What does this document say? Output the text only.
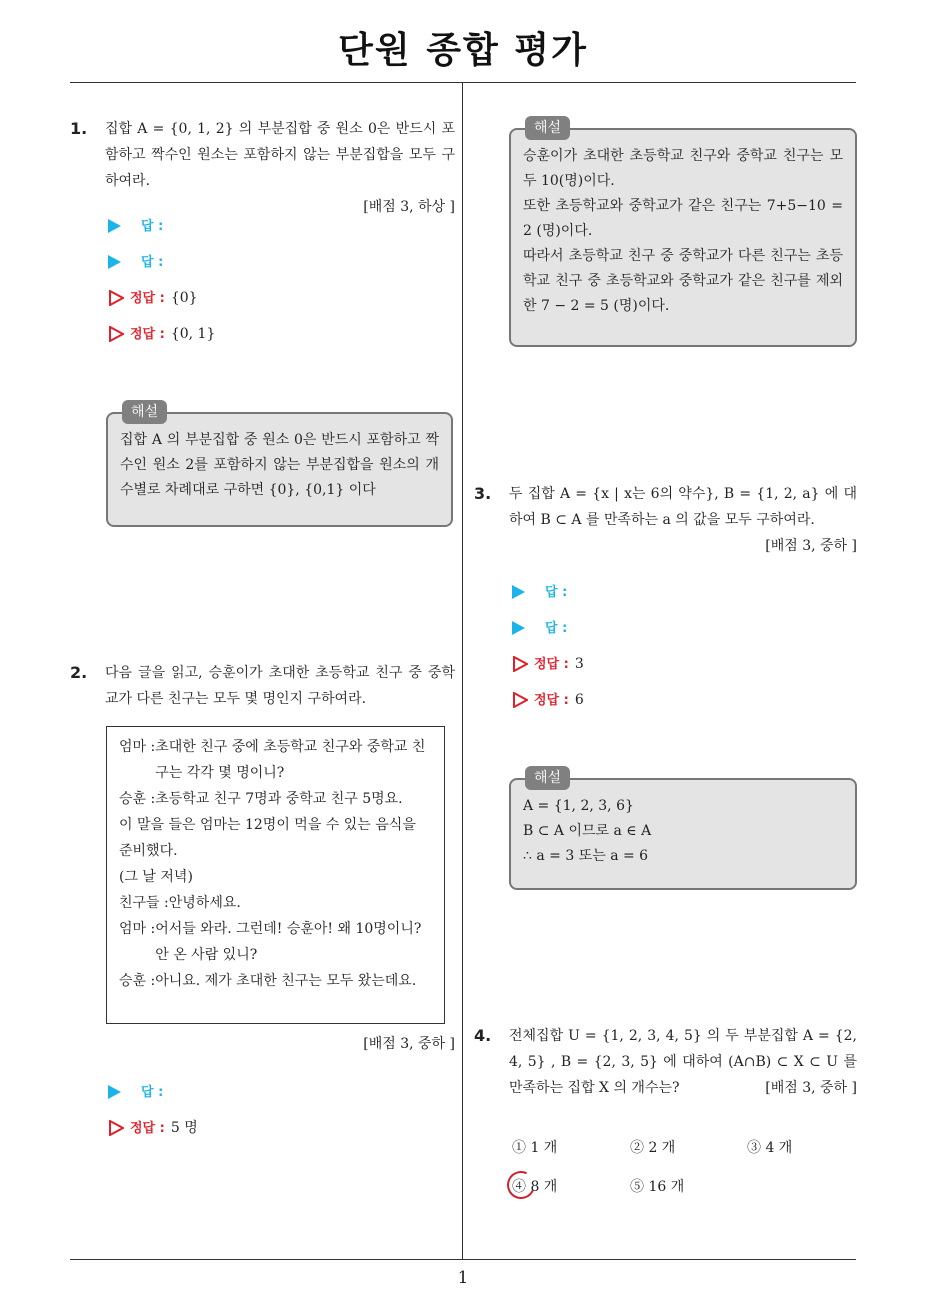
단원 종합 평가
1. 집합 A = {0, 1, 2} 의 부분집합 중 원소 0은 반드시 포함하고 짝수인 원소는 포함하지 않는 부분집합을 모두 구하여라.
[배점 3, 하상 ]
답 :
답 :
정답 : {0}
정답 : {0, 1}
해설
집합 A 의 부분집합 중 원소 0은 반드시 포함하고 짝수인 원소 2를 포함하지 않는 부분집합을 원소의 개수별로 차례대로 구하면 {0}, {0,1} 이다
2. 다음 글을 읽고, 승훈이가 초대한 초등학교 친구 중 중학교가 다른 친구는 모두 몇 명인지 구하여라.
엄마 : 초대한 친구 중에 초등학교 친구와 중학교 친구는 각각 몇 명이니?
승훈 : 초등학교 친구 7명과 중학교 친구 5명요.
이 말을 들은 엄마는 12명이 먹을 수 있는 음식을 준비했다.
(그 날 저녁)
친구들 : 안녕하세요.
엄마 : 어서들 와라. 그런데! 승훈아! 왜 10명이니? 안 온 사람 있니?
승훈 : 아니요. 제가 초대한 친구는 모두 왔는데요.
[배점 3, 중하 ]
답 :
정답 : 5 명
해설
승훈이가 초대한 초등학교 친구와 중학교 친구는 모두 10(명)이다.
또한 초등학교와 중학교가 같은 친구는 7+5−10 = 2 (명)이다.
따라서 초등학교 친구 중 중학교가 다른 친구는 초등학교 친구 중 초등학교와 중학교가 같은 친구를 제외한 7 − 2 = 5 (명)이다.
3. 두 집합 A = {x | x는 6의 약수}, B = {1, 2, a} 에 대하여 B ⊂ A 를 만족하는 a 의 값을 모두 구하여라.
[배점 3, 중하 ]
답 :
답 :
정답 : 3
정답 : 6
해설
A = {1, 2, 3, 6}
B ⊂ A 이므로 a ∈ A
∴ a = 3 또는 a = 6
4. 전체집합 U = {1, 2, 3, 4, 5} 의 두 부분집합 A = {2, 4, 5} , B = {2, 3, 5} 에 대하여 (A∩B) ⊂ X ⊂ U 를 만족하는 집합 X 의 개수는?	[배점 3, 중하 ]
① 1 개	② 2 개	③ 4 개
④ 8 개	⑤ 16 개
1
